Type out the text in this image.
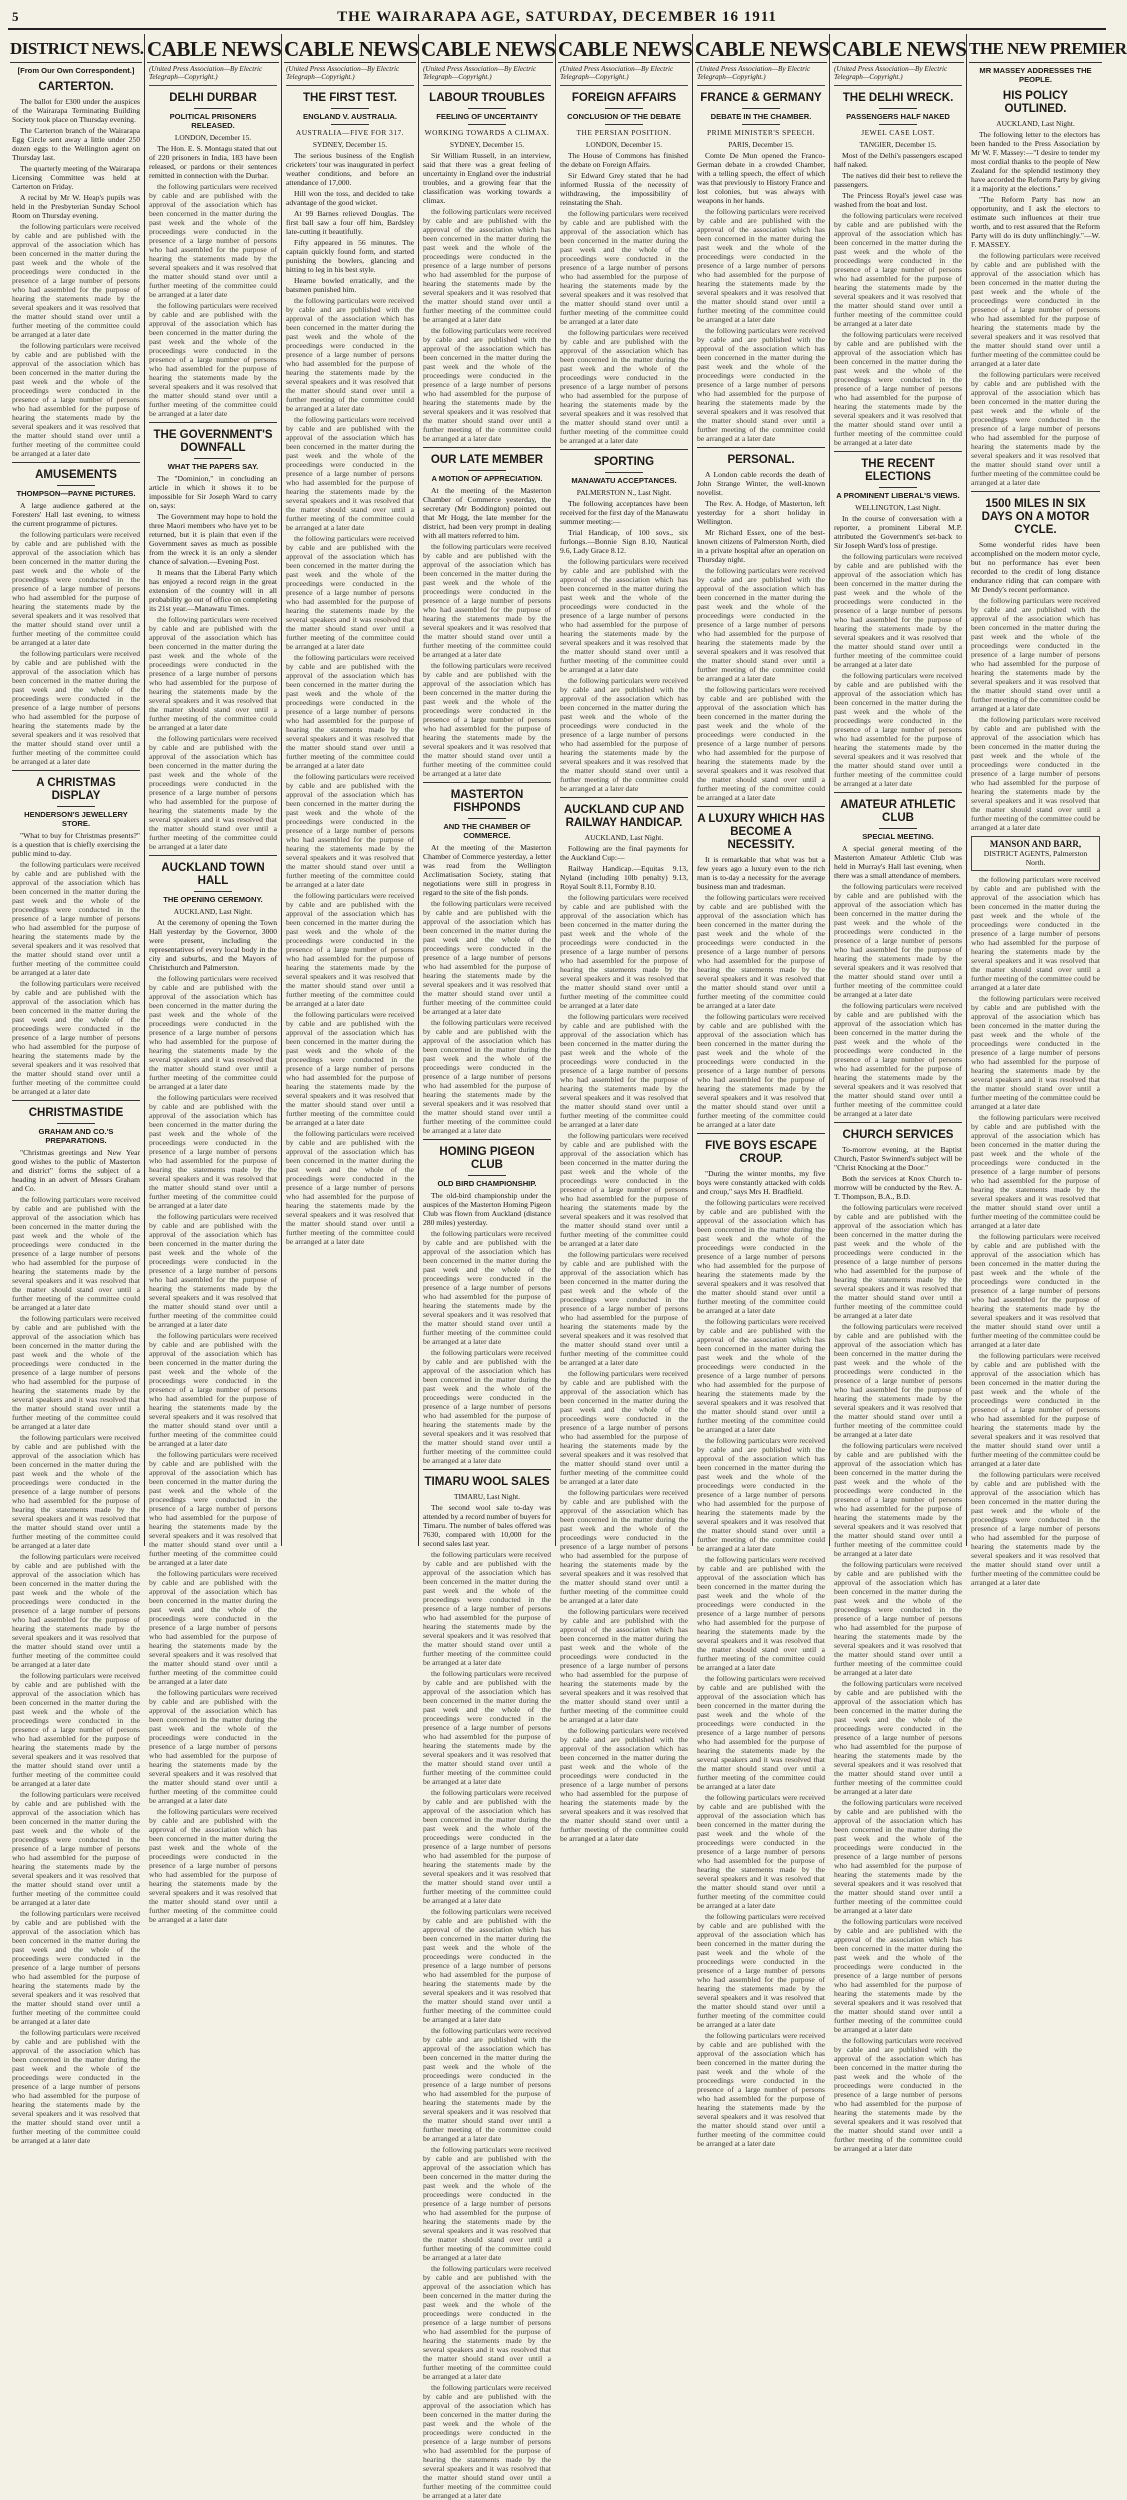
5	THE WAIRARAPA AGE, SATURDAY, DECEMBER 16 1911
DISTRICT NEWS.
[From Our Own Correspondent.]
CARTERTON.

The ballot for £300 under the auspices of the Wairarapa Terminating Building Society took place on Thursday evening.

The Carterton branch of the Wairarapa Egg Circle sent away a little under 250 dozen eggs to the Wellington agent on Thursday last.

The quarterly meeting of the Wairarapa Licensing Committee was held at Carterton on Friday.

A recital by Mr W. Heap's pupils was held in the Presbyterian Sunday School Room on Thursday evening.

the following particulars were received by cable and are published with the approval of the association which has been concerned in the matter during the past week and the whole of the proceedings were conducted in the presence of a large number of persons who had assembled for the purpose of hearing the statements made by the several speakers and it was resolved that the matter should stand over until a further meeting of the committee could be arranged at a later date

the following particulars were received by cable and are published with the approval of the association which has been concerned in the matter during the past week and the whole of the proceedings were conducted in the presence of a large number of persons who had assembled for the purpose of hearing the statements made by the several speakers and it was resolved that the matter should stand over until a further meeting of the committee could be arranged at a later date

AMUSEMENTS
THOMPSON—PAYNE PICTURES.

A large audience gathered at the Foresters' Hall last evening, to witness the current programme of pictures.

the following particulars were received by cable and are published with the approval of the association which has been concerned in the matter during the past week and the whole of the proceedings were conducted in the presence of a large number of persons who had assembled for the purpose of hearing the statements made by the several speakers and it was resolved that the matter should stand over until a further meeting of the committee could be arranged at a later date

the following particulars were received by cable and are published with the approval of the association which has been concerned in the matter during the past week and the whole of the proceedings were conducted in the presence of a large number of persons who had assembled for the purpose of hearing the statements made by the several speakers and it was resolved that the matter should stand over until a further meeting of the committee could be arranged at a later date

A CHRISTMAS DISPLAY
HENDERSON'S JEWELLERY STORE.

"What to buy for Christmas presents?" is a question that is chiefly exercising the public mind to-day.

the following particulars were received by cable and are published with the approval of the association which has been concerned in the matter during the past week and the whole of the proceedings were conducted in the presence of a large number of persons who had assembled for the purpose of hearing the statements made by the several speakers and it was resolved that the matter should stand over until a further meeting of the committee could be arranged at a later date

the following particulars were received by cable and are published with the approval of the association which has been concerned in the matter during the past week and the whole of the proceedings were conducted in the presence of a large number of persons who had assembled for the purpose of hearing the statements made by the several speakers and it was resolved that the matter should stand over until a further meeting of the committee could be arranged at a later date

CHRISTMASTIDE
GRAHAM AND CO.'S PREPARATIONS.

"Christmas greetings and New Year good wishes to the public of Masterton and district" forms the subject of a heading in an advert of Messrs Graham and Co.

the following particulars were received by cable and are published with the approval of the association which has been concerned in the matter during the past week and the whole of the proceedings were conducted in the presence of a large number of persons who had assembled for the purpose of hearing the statements made by the several speakers and it was resolved that the matter should stand over until a further meeting of the committee could be arranged at a later date

the following particulars were received by cable and are published with the approval of the association which has been concerned in the matter during the past week and the whole of the proceedings were conducted in the presence of a large number of persons who had assembled for the purpose of hearing the statements made by the several speakers and it was resolved that the matter should stand over until a further meeting of the committee could be arranged at a later date

the following particulars were received by cable and are published with the approval of the association which has been concerned in the matter during the past week and the whole of the proceedings were conducted in the presence of a large number of persons who had assembled for the purpose of hearing the statements made by the several speakers and it was resolved that the matter should stand over until a further meeting of the committee could be arranged at a later date

the following particulars were received by cable and are published with the approval of the association which has been concerned in the matter during the past week and the whole of the proceedings were conducted in the presence of a large number of persons who had assembled for the purpose of hearing the statements made by the several speakers and it was resolved that the matter should stand over until a further meeting of the committee could be arranged at a later date

the following particulars were received by cable and are published with the approval of the association which has been concerned in the matter during the past week and the whole of the proceedings were conducted in the presence of a large number of persons who had assembled for the purpose of hearing the statements made by the several speakers and it was resolved that the matter should stand over until a further meeting of the committee could be arranged at a later date

the following particulars were received by cable and are published with the approval of the association which has been concerned in the matter during the past week and the whole of the proceedings were conducted in the presence of a large number of persons who had assembled for the purpose of hearing the statements made by the several speakers and it was resolved that the matter should stand over until a further meeting of the committee could be arranged at a later date

the following particulars were received by cable and are published with the approval of the association which has been concerned in the matter during the past week and the whole of the proceedings were conducted in the presence of a large number of persons who had assembled for the purpose of hearing the statements made by the several speakers and it was resolved that the matter should stand over until a further meeting of the committee could be arranged at a later date

the following particulars were received by cable and are published with the approval of the association which has been concerned in the matter during the past week and the whole of the proceedings were conducted in the presence of a large number of persons who had assembled for the purpose of hearing the statements made by the several speakers and it was resolved that the matter should stand over until a further meeting of the committee could be arranged at a later date

CABLE NEWS
(United Press Association—By Electric Telegraph—Copyright.)
DELHI DURBAR
POLITICAL PRISONERS RELEASED.
LONDON, December 15.

The Hon. E. S. Montagu stated that out of 220 prisoners in India, 183 have been released, or pardons or their sentences remitted in connection with the Durbar.

the following particulars were received by cable and are published with the approval of the association which has been concerned in the matter during the past week and the whole of the proceedings were conducted in the presence of a large number of persons who had assembled for the purpose of hearing the statements made by the several speakers and it was resolved that the matter should stand over until a further meeting of the committee could be arranged at a later date

the following particulars were received by cable and are published with the approval of the association which has been concerned in the matter during the past week and the whole of the proceedings were conducted in the presence of a large number of persons who had assembled for the purpose of hearing the statements made by the several speakers and it was resolved that the matter should stand over until a further meeting of the committee could be arranged at a later date

THE GOVERNMENT'S DOWNFALL
WHAT THE PAPERS SAY.

The "Dominion," in concluding an article in which it shows it to be impossible for Sir Joseph Ward to carry on, says:

The Government may hope to hold the three Maori members who have yet to be returned, but it is plain that even if the Government saves as much as possible from the wreck it is an only a slender chance of salvation.—Evening Post.

It means that the Liberal Party which has enjoyed a record reign in the great extension of the country will in all probability go out of office on completing its 21st year.—Manawatu Times.

the following particulars were received by cable and are published with the approval of the association which has been concerned in the matter during the past week and the whole of the proceedings were conducted in the presence of a large number of persons who had assembled for the purpose of hearing the statements made by the several speakers and it was resolved that the matter should stand over until a further meeting of the committee could be arranged at a later date

the following particulars were received by cable and are published with the approval of the association which has been concerned in the matter during the past week and the whole of the proceedings were conducted in the presence of a large number of persons who had assembled for the purpose of hearing the statements made by the several speakers and it was resolved that the matter should stand over until a further meeting of the committee could be arranged at a later date

AUCKLAND TOWN HALL
THE OPENING CEREMONY.
AUCKLAND, Last Night.

At the ceremony of opening the Town Hall yesterday by the Governor, 3000 were present, including the representatives of every local body in the city and suburbs, and the Mayors of Christchurch and Palmerston.

the following particulars were received by cable and are published with the approval of the association which has been concerned in the matter during the past week and the whole of the proceedings were conducted in the presence of a large number of persons who had assembled for the purpose of hearing the statements made by the several speakers and it was resolved that the matter should stand over until a further meeting of the committee could be arranged at a later date

the following particulars were received by cable and are published with the approval of the association which has been concerned in the matter during the past week and the whole of the proceedings were conducted in the presence of a large number of persons who had assembled for the purpose of hearing the statements made by the several speakers and it was resolved that the matter should stand over until a further meeting of the committee could be arranged at a later date

the following particulars were received by cable and are published with the approval of the association which has been concerned in the matter during the past week and the whole of the proceedings were conducted in the presence of a large number of persons who had assembled for the purpose of hearing the statements made by the several speakers and it was resolved that the matter should stand over until a further meeting of the committee could be arranged at a later date

the following particulars were received by cable and are published with the approval of the association which has been concerned in the matter during the past week and the whole of the proceedings were conducted in the presence of a large number of persons who had assembled for the purpose of hearing the statements made by the several speakers and it was resolved that the matter should stand over until a further meeting of the committee could be arranged at a later date

the following particulars were received by cable and are published with the approval of the association which has been concerned in the matter during the past week and the whole of the proceedings were conducted in the presence of a large number of persons who had assembled for the purpose of hearing the statements made by the several speakers and it was resolved that the matter should stand over until a further meeting of the committee could be arranged at a later date

the following particulars were received by cable and are published with the approval of the association which has been concerned in the matter during the past week and the whole of the proceedings were conducted in the presence of a large number of persons who had assembled for the purpose of hearing the statements made by the several speakers and it was resolved that the matter should stand over until a further meeting of the committee could be arranged at a later date

the following particulars were received by cable and are published with the approval of the association which has been concerned in the matter during the past week and the whole of the proceedings were conducted in the presence of a large number of persons who had assembled for the purpose of hearing the statements made by the several speakers and it was resolved that the matter should stand over until a further meeting of the committee could be arranged at a later date

the following particulars were received by cable and are published with the approval of the association which has been concerned in the matter during the past week and the whole of the proceedings were conducted in the presence of a large number of persons who had assembled for the purpose of hearing the statements made by the several speakers and it was resolved that the matter should stand over until a further meeting of the committee could be arranged at a later date

CABLE NEWS
(United Press Association—By Electric Telegraph—Copyright.)
THE FIRST TEST.
ENGLAND V. AUSTRALIA.
AUSTRALIA—FIVE FOR 317.
SYDNEY, December 15.

The serious business of the English cricketers' tour was inaugurated in perfect weather conditions, and before an attendance of 17,000.

Hill won the toss, and decided to take advantage of the good wicket.

At 99 Barnes relieved Douglas. The first ball saw a four off him, Bardsley late-cutting it beautifully.

Fifty appeared in 56 minutes. The captain quickly found form, and started punishing the bowlers, glancing and hitting to leg in his best style.

Hearne bowled erratically, and the batsmen punished him.

the following particulars were received by cable and are published with the approval of the association which has been concerned in the matter during the past week and the whole of the proceedings were conducted in the presence of a large number of persons who had assembled for the purpose of hearing the statements made by the several speakers and it was resolved that the matter should stand over until a further meeting of the committee could be arranged at a later date

the following particulars were received by cable and are published with the approval of the association which has been concerned in the matter during the past week and the whole of the proceedings were conducted in the presence of a large number of persons who had assembled for the purpose of hearing the statements made by the several speakers and it was resolved that the matter should stand over until a further meeting of the committee could be arranged at a later date

the following particulars were received by cable and are published with the approval of the association which has been concerned in the matter during the past week and the whole of the proceedings were conducted in the presence of a large number of persons who had assembled for the purpose of hearing the statements made by the several speakers and it was resolved that the matter should stand over until a further meeting of the committee could be arranged at a later date

the following particulars were received by cable and are published with the approval of the association which has been concerned in the matter during the past week and the whole of the proceedings were conducted in the presence of a large number of persons who had assembled for the purpose of hearing the statements made by the several speakers and it was resolved that the matter should stand over until a further meeting of the committee could be arranged at a later date

the following particulars were received by cable and are published with the approval of the association which has been concerned in the matter during the past week and the whole of the proceedings were conducted in the presence of a large number of persons who had assembled for the purpose of hearing the statements made by the several speakers and it was resolved that the matter should stand over until a further meeting of the committee could be arranged at a later date

the following particulars were received by cable and are published with the approval of the association which has been concerned in the matter during the past week and the whole of the proceedings were conducted in the presence of a large number of persons who had assembled for the purpose of hearing the statements made by the several speakers and it was resolved that the matter should stand over until a further meeting of the committee could be arranged at a later date

the following particulars were received by cable and are published with the approval of the association which has been concerned in the matter during the past week and the whole of the proceedings were conducted in the presence of a large number of persons who had assembled for the purpose of hearing the statements made by the several speakers and it was resolved that the matter should stand over until a further meeting of the committee could be arranged at a later date

the following particulars were received by cable and are published with the approval of the association which has been concerned in the matter during the past week and the whole of the proceedings were conducted in the presence of a large number of persons who had assembled for the purpose of hearing the statements made by the several speakers and it was resolved that the matter should stand over until a further meeting of the committee could be arranged at a later date

CABLE NEWS
(United Press Association—By Electric Telegraph—Copyright.)
LABOUR TROUBLES
FEELING OF UNCERTAINTY
WORKING TOWARDS A CLIMAX.
SYDNEY, December 15.

Sir William Russell, in an interview, said that there was a great feeling of uncertainty in England over the industrial troubles, and a growing fear that the classification was working towards a climax.

the following particulars were received by cable and are published with the approval of the association which has been concerned in the matter during the past week and the whole of the proceedings were conducted in the presence of a large number of persons who had assembled for the purpose of hearing the statements made by the several speakers and it was resolved that the matter should stand over until a further meeting of the committee could be arranged at a later date

the following particulars were received by cable and are published with the approval of the association which has been concerned in the matter during the past week and the whole of the proceedings were conducted in the presence of a large number of persons who had assembled for the purpose of hearing the statements made by the several speakers and it was resolved that the matter should stand over until a further meeting of the committee could be arranged at a later date

OUR LATE MEMBER
A MOTION OF APPRECIATION.

At the meeting of the Masterton Chamber of Commerce yesterday, the secretary (Mr Boddington) pointed out that Mr Hogg, the late member for the district, had been very prompt in dealing with all matters referred to him.

the following particulars were received by cable and are published with the approval of the association which has been concerned in the matter during the past week and the whole of the proceedings were conducted in the presence of a large number of persons who had assembled for the purpose of hearing the statements made by the several speakers and it was resolved that the matter should stand over until a further meeting of the committee could be arranged at a later date

the following particulars were received by cable and are published with the approval of the association which has been concerned in the matter during the past week and the whole of the proceedings were conducted in the presence of a large number of persons who had assembled for the purpose of hearing the statements made by the several speakers and it was resolved that the matter should stand over until a further meeting of the committee could be arranged at a later date

MASTERTON FISHPONDS
AND THE CHAMBER OF COMMERCE.

At the meeting of the Masterton Chamber of Commerce yesterday, a letter was read from the Wellington Acclimatisation Society, stating that negotiations were still in progress in regard to the site of the fish ponds.

the following particulars were received by cable and are published with the approval of the association which has been concerned in the matter during the past week and the whole of the proceedings were conducted in the presence of a large number of persons who had assembled for the purpose of hearing the statements made by the several speakers and it was resolved that the matter should stand over until a further meeting of the committee could be arranged at a later date

the following particulars were received by cable and are published with the approval of the association which has been concerned in the matter during the past week and the whole of the proceedings were conducted in the presence of a large number of persons who had assembled for the purpose of hearing the statements made by the several speakers and it was resolved that the matter should stand over until a further meeting of the committee could be arranged at a later date

HOMING PIGEON CLUB
OLD BIRD CHAMPIONSHIP.

The old-bird championship under the auspices of the Masterton Homing Pigeon Club was flown from Auckland (distance 280 miles) yesterday.

the following particulars were received by cable and are published with the approval of the association which has been concerned in the matter during the past week and the whole of the proceedings were conducted in the presence of a large number of persons who had assembled for the purpose of hearing the statements made by the several speakers and it was resolved that the matter should stand over until a further meeting of the committee could be arranged at a later date

the following particulars were received by cable and are published with the approval of the association which has been concerned in the matter during the past week and the whole of the proceedings were conducted in the presence of a large number of persons who had assembled for the purpose of hearing the statements made by the several speakers and it was resolved that the matter should stand over until a further meeting of the committee could be arranged at a later date

TIMARU WOOL SALES
TIMARU, Last Night.

The second wool sale to-day was attended by a record number of buyers for Timaru. The number of bales offered was 7630, compared with 10,000 for the second sales last year.

the following particulars were received by cable and are published with the approval of the association which has been concerned in the matter during the past week and the whole of the proceedings were conducted in the presence of a large number of persons who had assembled for the purpose of hearing the statements made by the several speakers and it was resolved that the matter should stand over until a further meeting of the committee could be arranged at a later date

the following particulars were received by cable and are published with the approval of the association which has been concerned in the matter during the past week and the whole of the proceedings were conducted in the presence of a large number of persons who had assembled for the purpose of hearing the statements made by the several speakers and it was resolved that the matter should stand over until a further meeting of the committee could be arranged at a later date

the following particulars were received by cable and are published with the approval of the association which has been concerned in the matter during the past week and the whole of the proceedings were conducted in the presence of a large number of persons who had assembled for the purpose of hearing the statements made by the several speakers and it was resolved that the matter should stand over until a further meeting of the committee could be arranged at a later date

the following particulars were received by cable and are published with the approval of the association which has been concerned in the matter during the past week and the whole of the proceedings were conducted in the presence of a large number of persons who had assembled for the purpose of hearing the statements made by the several speakers and it was resolved that the matter should stand over until a further meeting of the committee could be arranged at a later date

the following particulars were received by cable and are published with the approval of the association which has been concerned in the matter during the past week and the whole of the proceedings were conducted in the presence of a large number of persons who had assembled for the purpose of hearing the statements made by the several speakers and it was resolved that the matter should stand over until a further meeting of the committee could be arranged at a later date

the following particulars were received by cable and are published with the approval of the association which has been concerned in the matter during the past week and the whole of the proceedings were conducted in the presence of a large number of persons who had assembled for the purpose of hearing the statements made by the several speakers and it was resolved that the matter should stand over until a further meeting of the committee could be arranged at a later date

the following particulars were received by cable and are published with the approval of the association which has been concerned in the matter during the past week and the whole of the proceedings were conducted in the presence of a large number of persons who had assembled for the purpose of hearing the statements made by the several speakers and it was resolved that the matter should stand over until a further meeting of the committee could be arranged at a later date

the following particulars were received by cable and are published with the approval of the association which has been concerned in the matter during the past week and the whole of the proceedings were conducted in the presence of a large number of persons who had assembled for the purpose of hearing the statements made by the several speakers and it was resolved that the matter should stand over until a further meeting of the committee could be arranged at a later date

CABLE NEWS
(United Press Association—By Electric Telegraph—Copyright.)
FOREIGN AFFAIRS
CONCLUSION OF THE DEBATE
THE PERSIAN POSITION.
LONDON, December 15.

The House of Commons has finished the debate on Foreign Affairs.

Sir Edward Grey stated that he had informed Russia of the necessity of withdrawing, the impossibility of reinstating the Shah.

the following particulars were received by cable and are published with the approval of the association which has been concerned in the matter during the past week and the whole of the proceedings were conducted in the presence of a large number of persons who had assembled for the purpose of hearing the statements made by the several speakers and it was resolved that the matter should stand over until a further meeting of the committee could be arranged at a later date

the following particulars were received by cable and are published with the approval of the association which has been concerned in the matter during the past week and the whole of the proceedings were conducted in the presence of a large number of persons who had assembled for the purpose of hearing the statements made by the several speakers and it was resolved that the matter should stand over until a further meeting of the committee could be arranged at a later date

SPORTING
MANAWATU ACCEPTANCES.
PALMERSTON N., Last Night.

The following acceptances have been received for the first day of the Manawatu summer meeting:—

Trial Handicap, of 100 sovs., six furlongs.—Bonnie Sign 8.10, Nautical 9.6, Lady Grace 8.12.

the following particulars were received by cable and are published with the approval of the association which has been concerned in the matter during the past week and the whole of the proceedings were conducted in the presence of a large number of persons who had assembled for the purpose of hearing the statements made by the several speakers and it was resolved that the matter should stand over until a further meeting of the committee could be arranged at a later date

the following particulars were received by cable and are published with the approval of the association which has been concerned in the matter during the past week and the whole of the proceedings were conducted in the presence of a large number of persons who had assembled for the purpose of hearing the statements made by the several speakers and it was resolved that the matter should stand over until a further meeting of the committee could be arranged at a later date

AUCKLAND CUP AND RAILWAY HANDICAP.
AUCKLAND, Last Night.

Following are the final payments for the Auckland Cup:—

Railway Handicap.—Equitas 9.13, Nyland (including 10lb penalty) 9.13, Royal Soult 8.11, Formby 8.10.

the following particulars were received by cable and are published with the approval of the association which has been concerned in the matter during the past week and the whole of the proceedings were conducted in the presence of a large number of persons who had assembled for the purpose of hearing the statements made by the several speakers and it was resolved that the matter should stand over until a further meeting of the committee could be arranged at a later date

the following particulars were received by cable and are published with the approval of the association which has been concerned in the matter during the past week and the whole of the proceedings were conducted in the presence of a large number of persons who had assembled for the purpose of hearing the statements made by the several speakers and it was resolved that the matter should stand over until a further meeting of the committee could be arranged at a later date

the following particulars were received by cable and are published with the approval of the association which has been concerned in the matter during the past week and the whole of the proceedings were conducted in the presence of a large number of persons who had assembled for the purpose of hearing the statements made by the several speakers and it was resolved that the matter should stand over until a further meeting of the committee could be arranged at a later date

the following particulars were received by cable and are published with the approval of the association which has been concerned in the matter during the past week and the whole of the proceedings were conducted in the presence of a large number of persons who had assembled for the purpose of hearing the statements made by the several speakers and it was resolved that the matter should stand over until a further meeting of the committee could be arranged at a later date

the following particulars were received by cable and are published with the approval of the association which has been concerned in the matter during the past week and the whole of the proceedings were conducted in the presence of a large number of persons who had assembled for the purpose of hearing the statements made by the several speakers and it was resolved that the matter should stand over until a further meeting of the committee could be arranged at a later date

the following particulars were received by cable and are published with the approval of the association which has been concerned in the matter during the past week and the whole of the proceedings were conducted in the presence of a large number of persons who had assembled for the purpose of hearing the statements made by the several speakers and it was resolved that the matter should stand over until a further meeting of the committee could be arranged at a later date

the following particulars were received by cable and are published with the approval of the association which has been concerned in the matter during the past week and the whole of the proceedings were conducted in the presence of a large number of persons who had assembled for the purpose of hearing the statements made by the several speakers and it was resolved that the matter should stand over until a further meeting of the committee could be arranged at a later date

the following particulars were received by cable and are published with the approval of the association which has been concerned in the matter during the past week and the whole of the proceedings were conducted in the presence of a large number of persons who had assembled for the purpose of hearing the statements made by the several speakers and it was resolved that the matter should stand over until a further meeting of the committee could be arranged at a later date

CABLE NEWS
(United Press Association—By Electric Telegraph—Copyright.)
FRANCE & GERMANY
DEBATE IN THE CHAMBER.
PRIME MINISTER'S SPEECH.
PARIS, December 15.

Comte De Mun opened the Franco-German debate in a crowded Chamber, with a telling speech, the effect of which was that previously to History France and lost colonies, but was always with weapons in her hands.

the following particulars were received by cable and are published with the approval of the association which has been concerned in the matter during the past week and the whole of the proceedings were conducted in the presence of a large number of persons who had assembled for the purpose of hearing the statements made by the several speakers and it was resolved that the matter should stand over until a further meeting of the committee could be arranged at a later date

the following particulars were received by cable and are published with the approval of the association which has been concerned in the matter during the past week and the whole of the proceedings were conducted in the presence of a large number of persons who had assembled for the purpose of hearing the statements made by the several speakers and it was resolved that the matter should stand over until a further meeting of the committee could be arranged at a later date

PERSONAL.

A London cable records the death of John Strange Winter, the well-known novelist.

The Rev. A. Hodge, of Masterton, left yesterday for a short holiday in Wellington.

Mr Richard Essex, one of the best-known citizens of Palmerston North, died in a private hospital after an operation on Thursday night.

the following particulars were received by cable and are published with the approval of the association which has been concerned in the matter during the past week and the whole of the proceedings were conducted in the presence of a large number of persons who had assembled for the purpose of hearing the statements made by the several speakers and it was resolved that the matter should stand over until a further meeting of the committee could be arranged at a later date

the following particulars were received by cable and are published with the approval of the association which has been concerned in the matter during the past week and the whole of the proceedings were conducted in the presence of a large number of persons who had assembled for the purpose of hearing the statements made by the several speakers and it was resolved that the matter should stand over until a further meeting of the committee could be arranged at a later date

A LUXURY WHICH HAS BECOME A NECESSITY.

It is remarkable that what was but a few years ago a luxury even to the rich man is to-day a necessity for the average business man and tradesman.

the following particulars were received by cable and are published with the approval of the association which has been concerned in the matter during the past week and the whole of the proceedings were conducted in the presence of a large number of persons who had assembled for the purpose of hearing the statements made by the several speakers and it was resolved that the matter should stand over until a further meeting of the committee could be arranged at a later date

the following particulars were received by cable and are published with the approval of the association which has been concerned in the matter during the past week and the whole of the proceedings were conducted in the presence of a large number of persons who had assembled for the purpose of hearing the statements made by the several speakers and it was resolved that the matter should stand over until a further meeting of the committee could be arranged at a later date

FIVE BOYS ESCAPE CROUP.

"During the winter months, my five boys were constantly attacked with colds and croup," says Mrs H. Bradfield.

the following particulars were received by cable and are published with the approval of the association which has been concerned in the matter during the past week and the whole of the proceedings were conducted in the presence of a large number of persons who had assembled for the purpose of hearing the statements made by the several speakers and it was resolved that the matter should stand over until a further meeting of the committee could be arranged at a later date

the following particulars were received by cable and are published with the approval of the association which has been concerned in the matter during the past week and the whole of the proceedings were conducted in the presence of a large number of persons who had assembled for the purpose of hearing the statements made by the several speakers and it was resolved that the matter should stand over until a further meeting of the committee could be arranged at a later date

the following particulars were received by cable and are published with the approval of the association which has been concerned in the matter during the past week and the whole of the proceedings were conducted in the presence of a large number of persons who had assembled for the purpose of hearing the statements made by the several speakers and it was resolved that the matter should stand over until a further meeting of the committee could be arranged at a later date

the following particulars were received by cable and are published with the approval of the association which has been concerned in the matter during the past week and the whole of the proceedings were conducted in the presence of a large number of persons who had assembled for the purpose of hearing the statements made by the several speakers and it was resolved that the matter should stand over until a further meeting of the committee could be arranged at a later date

the following particulars were received by cable and are published with the approval of the association which has been concerned in the matter during the past week and the whole of the proceedings were conducted in the presence of a large number of persons who had assembled for the purpose of hearing the statements made by the several speakers and it was resolved that the matter should stand over until a further meeting of the committee could be arranged at a later date

the following particulars were received by cable and are published with the approval of the association which has been concerned in the matter during the past week and the whole of the proceedings were conducted in the presence of a large number of persons who had assembled for the purpose of hearing the statements made by the several speakers and it was resolved that the matter should stand over until a further meeting of the committee could be arranged at a later date

the following particulars were received by cable and are published with the approval of the association which has been concerned in the matter during the past week and the whole of the proceedings were conducted in the presence of a large number of persons who had assembled for the purpose of hearing the statements made by the several speakers and it was resolved that the matter should stand over until a further meeting of the committee could be arranged at a later date

the following particulars were received by cable and are published with the approval of the association which has been concerned in the matter during the past week and the whole of the proceedings were conducted in the presence of a large number of persons who had assembled for the purpose of hearing the statements made by the several speakers and it was resolved that the matter should stand over until a further meeting of the committee could be arranged at a later date

CABLE NEWS
(United Press Association—By Electric Telegraph—Copyright.)
THE DELHI WRECK.
PASSENGERS HALF NAKED
JEWEL CASE LOST.
TANGIER, December 15.

Most of the Delhi's passengers escaped half naked.

The natives did their best to relieve the passengers.

The Princess Royal's jewel case was washed from the boat and lost.

the following particulars were received by cable and are published with the approval of the association which has been concerned in the matter during the past week and the whole of the proceedings were conducted in the presence of a large number of persons who had assembled for the purpose of hearing the statements made by the several speakers and it was resolved that the matter should stand over until a further meeting of the committee could be arranged at a later date

the following particulars were received by cable and are published with the approval of the association which has been concerned in the matter during the past week and the whole of the proceedings were conducted in the presence of a large number of persons who had assembled for the purpose of hearing the statements made by the several speakers and it was resolved that the matter should stand over until a further meeting of the committee could be arranged at a later date

THE RECENT ELECTIONS
A PROMINENT LIBERAL'S VIEWS.
WELLINGTON, Last Night.

In the course of conversation with a reporter, a prominent Liberal M.P. attributed the Government's set-back to Sir Joseph Ward's loss of prestige.

the following particulars were received by cable and are published with the approval of the association which has been concerned in the matter during the past week and the whole of the proceedings were conducted in the presence of a large number of persons who had assembled for the purpose of hearing the statements made by the several speakers and it was resolved that the matter should stand over until a further meeting of the committee could be arranged at a later date

the following particulars were received by cable and are published with the approval of the association which has been concerned in the matter during the past week and the whole of the proceedings were conducted in the presence of a large number of persons who had assembled for the purpose of hearing the statements made by the several speakers and it was resolved that the matter should stand over until a further meeting of the committee could be arranged at a later date

AMATEUR ATHLETIC CLUB
SPECIAL MEETING.

A special general meeting of the Masterton Amateur Athletic Club was held in Murray's Hall last evening, when there was a small attendance of members.

the following particulars were received by cable and are published with the approval of the association which has been concerned in the matter during the past week and the whole of the proceedings were conducted in the presence of a large number of persons who had assembled for the purpose of hearing the statements made by the several speakers and it was resolved that the matter should stand over until a further meeting of the committee could be arranged at a later date

the following particulars were received by cable and are published with the approval of the association which has been concerned in the matter during the past week and the whole of the proceedings were conducted in the presence of a large number of persons who had assembled for the purpose of hearing the statements made by the several speakers and it was resolved that the matter should stand over until a further meeting of the committee could be arranged at a later date

CHURCH SERVICES

To-morrow evening, at the Baptist Church, Pastor Swinnerd's subject will be "Christ Knocking at the Door."

Both the services at Knox Church to-morrow will be conducted by the Rev. A. T. Thompson, B.A., B.D.

the following particulars were received by cable and are published with the approval of the association which has been concerned in the matter during the past week and the whole of the proceedings were conducted in the presence of a large number of persons who had assembled for the purpose of hearing the statements made by the several speakers and it was resolved that the matter should stand over until a further meeting of the committee could be arranged at a later date

the following particulars were received by cable and are published with the approval of the association which has been concerned in the matter during the past week and the whole of the proceedings were conducted in the presence of a large number of persons who had assembled for the purpose of hearing the statements made by the several speakers and it was resolved that the matter should stand over until a further meeting of the committee could be arranged at a later date

the following particulars were received by cable and are published with the approval of the association which has been concerned in the matter during the past week and the whole of the proceedings were conducted in the presence of a large number of persons who had assembled for the purpose of hearing the statements made by the several speakers and it was resolved that the matter should stand over until a further meeting of the committee could be arranged at a later date

the following particulars were received by cable and are published with the approval of the association which has been concerned in the matter during the past week and the whole of the proceedings were conducted in the presence of a large number of persons who had assembled for the purpose of hearing the statements made by the several speakers and it was resolved that the matter should stand over until a further meeting of the committee could be arranged at a later date

the following particulars were received by cable and are published with the approval of the association which has been concerned in the matter during the past week and the whole of the proceedings were conducted in the presence of a large number of persons who had assembled for the purpose of hearing the statements made by the several speakers and it was resolved that the matter should stand over until a further meeting of the committee could be arranged at a later date

the following particulars were received by cable and are published with the approval of the association which has been concerned in the matter during the past week and the whole of the proceedings were conducted in the presence of a large number of persons who had assembled for the purpose of hearing the statements made by the several speakers and it was resolved that the matter should stand over until a further meeting of the committee could be arranged at a later date

the following particulars were received by cable and are published with the approval of the association which has been concerned in the matter during the past week and the whole of the proceedings were conducted in the presence of a large number of persons who had assembled for the purpose of hearing the statements made by the several speakers and it was resolved that the matter should stand over until a further meeting of the committee could be arranged at a later date

the following particulars were received by cable and are published with the approval of the association which has been concerned in the matter during the past week and the whole of the proceedings were conducted in the presence of a large number of persons who had assembled for the purpose of hearing the statements made by the several speakers and it was resolved that the matter should stand over until a further meeting of the committee could be arranged at a later date

THE NEW PREMIER
MR MASSEY ADDRESSES THE PEOPLE.
HIS POLICY OUTLINED.
AUCKLAND, Last Night.

The following letter to the electors has been handed to the Press Association by Mr W. F. Massey:—"I desire to tender my most cordial thanks to the people of New Zealand for the splendid testimony they have accorded the Reform Party by giving it a majority at the elections."

"The Reform Party has now an opportunity, and I ask the electors to estimate such influences at their true worth, and to rest assured that the Reform Party will do its duty unflinchingly."—W. F. MASSEY.

the following particulars were received by cable and are published with the approval of the association which has been concerned in the matter during the past week and the whole of the proceedings were conducted in the presence of a large number of persons who had assembled for the purpose of hearing the statements made by the several speakers and it was resolved that the matter should stand over until a further meeting of the committee could be arranged at a later date

the following particulars were received by cable and are published with the approval of the association which has been concerned in the matter during the past week and the whole of the proceedings were conducted in the presence of a large number of persons who had assembled for the purpose of hearing the statements made by the several speakers and it was resolved that the matter should stand over until a further meeting of the committee could be arranged at a later date

1500 MILES IN SIX DAYS ON A MOTOR CYCLE.

Some wonderful rides have been accomplished on the modern motor cycle, but no performance has ever been recorded to the credit of long distance endurance riding that can compare with Mr Dendy's recent performance.

the following particulars were received by cable and are published with the approval of the association which has been concerned in the matter during the past week and the whole of the proceedings were conducted in the presence of a large number of persons who had assembled for the purpose of hearing the statements made by the several speakers and it was resolved that the matter should stand over until a further meeting of the committee could be arranged at a later date

the following particulars were received by cable and are published with the approval of the association which has been concerned in the matter during the past week and the whole of the proceedings were conducted in the presence of a large number of persons who had assembled for the purpose of hearing the statements made by the several speakers and it was resolved that the matter should stand over until a further meeting of the committee could be arranged at a later date

MANSON AND BARR,
DISTRICT AGENTS, Palmerston North.

the following particulars were received by cable and are published with the approval of the association which has been concerned in the matter during the past week and the whole of the proceedings were conducted in the presence of a large number of persons who had assembled for the purpose of hearing the statements made by the several speakers and it was resolved that the matter should stand over until a further meeting of the committee could be arranged at a later date

the following particulars were received by cable and are published with the approval of the association which has been concerned in the matter during the past week and the whole of the proceedings were conducted in the presence of a large number of persons who had assembled for the purpose of hearing the statements made by the several speakers and it was resolved that the matter should stand over until a further meeting of the committee could be arranged at a later date

the following particulars were received by cable and are published with the approval of the association which has been concerned in the matter during the past week and the whole of the proceedings were conducted in the presence of a large number of persons who had assembled for the purpose of hearing the statements made by the several speakers and it was resolved that the matter should stand over until a further meeting of the committee could be arranged at a later date

the following particulars were received by cable and are published with the approval of the association which has been concerned in the matter during the past week and the whole of the proceedings were conducted in the presence of a large number of persons who had assembled for the purpose of hearing the statements made by the several speakers and it was resolved that the matter should stand over until a further meeting of the committee could be arranged at a later date

the following particulars were received by cable and are published with the approval of the association which has been concerned in the matter during the past week and the whole of the proceedings were conducted in the presence of a large number of persons who had assembled for the purpose of hearing the statements made by the several speakers and it was resolved that the matter should stand over until a further meeting of the committee could be arranged at a later date

the following particulars were received by cable and are published with the approval of the association which has been concerned in the matter during the past week and the whole of the proceedings were conducted in the presence of a large number of persons who had assembled for the purpose of hearing the statements made by the several speakers and it was resolved that the matter should stand over until a further meeting of the committee could be arranged at a later date
